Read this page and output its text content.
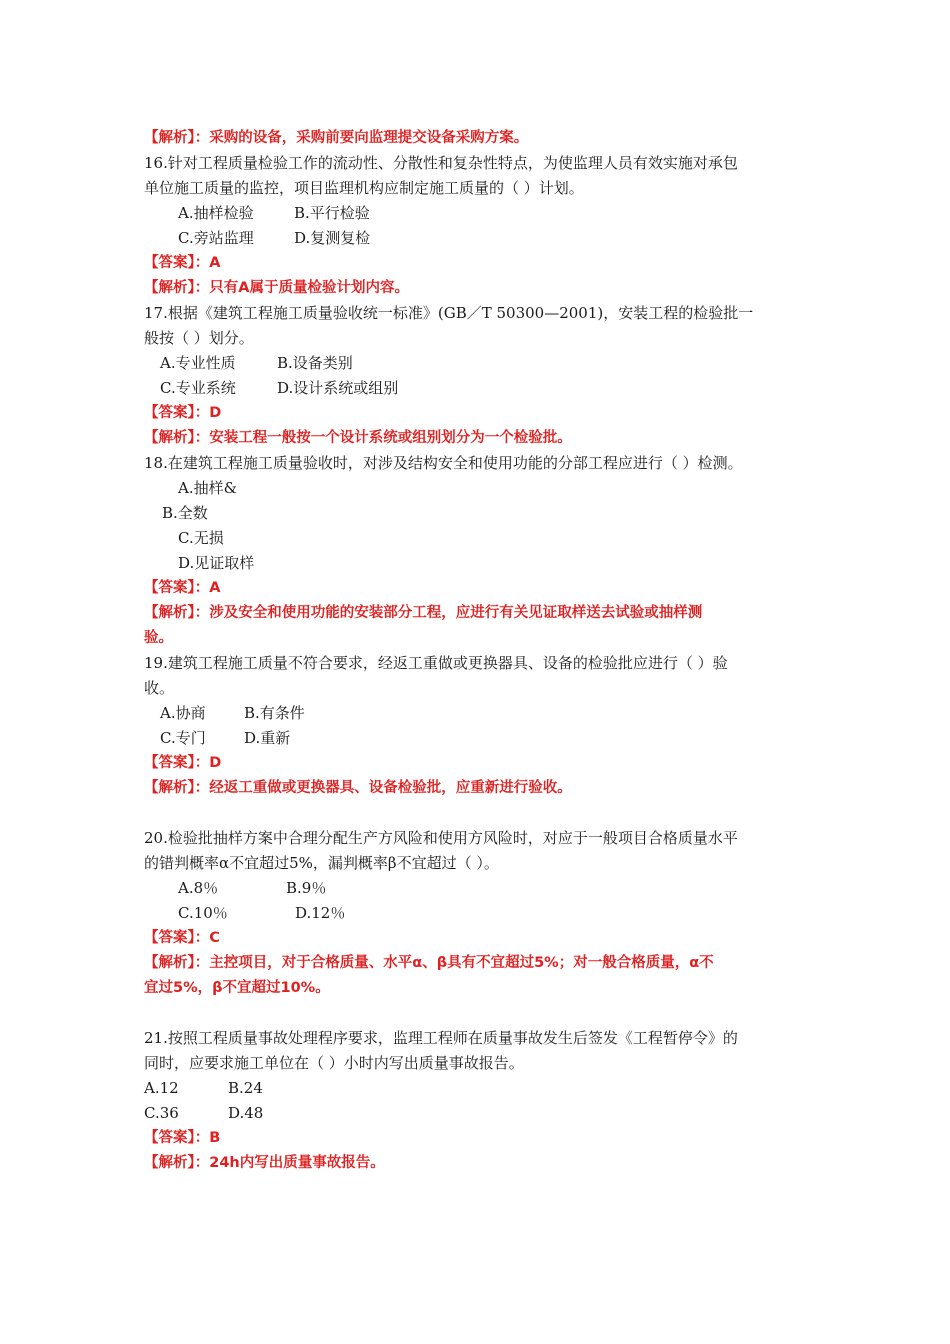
【解析】：采购的设备，采购前要向监理提交设备采购方案。
16.针对工程质量检验工作的流动性、分散性和复杂性特点，为使监理人员有效实施对承包
单位施工质量的监控，项目监理机构应制定施工质量的（ ）计划。
A.抽样检验	B.平行检验
C.旁站监理	D.复测复检
【答案】：A
【解析】：只有A属于质量检验计划内容。
17.根据《建筑工程施工质量验收统一标准》(GB／T 50300—2001)，安装工程的检验批一
般按（ ）划分。
A.专业性质	B.设备类别
C.专业系统	D.设计系统或组别
【答案】：D
【解析】：安装工程一般按一个设计系统或组别划分为一个检验批。
18.在建筑工程施工质量验收时，对涉及结构安全和使用功能的分部工程应进行（ ）检测。
A.抽样&
B.全数
C.无损
D.见证取样
【答案】：A
【解析】：涉及安全和使用功能的安装部分工程，应进行有关见证取样送去试验或抽样测
验。
19.建筑工程施工质量不符合要求，经返工重做或更换器具、设备的检验批应进行（ ）验
收。
A.协商	B.有条件
C.专门	D.重新
【答案】：D
【解析】：经返工重做或更换器具、设备检验批，应重新进行验收。
20.检验批抽样方案中合理分配生产方风险和使用方风险时，对应于一般项目合格质量水平
的错判概率α不宜超过5%，漏判概率β不宜超过（ ）。
A.8％	B.9％
C.10％	D.12％
【答案】：C
【解析】：主控项目，对于合格质量、水平α、β具有不宜超过5%；对一般合格质量，α不
宜过5%，β不宜超过10%。
21.按照工程质量事故处理程序要求，监理工程师在质量事故发生后签发《工程暂停令》的
同时，应要求施工单位在（ ）小时内写出质量事故报告。
A.12	B.24
C.36	D.48
【答案】：B
【解析】：24h内写出质量事故报告。
